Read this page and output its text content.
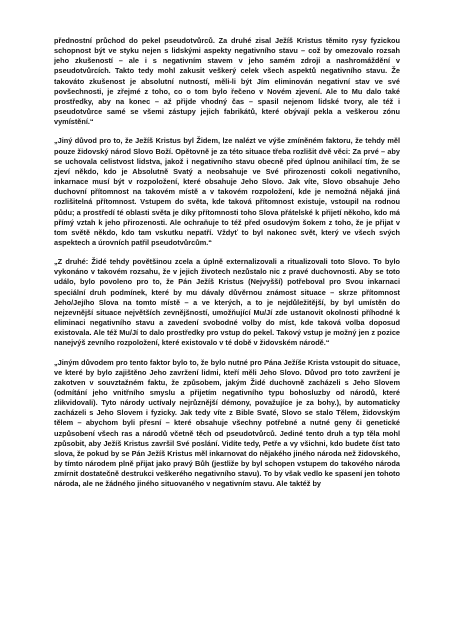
přednostní průchod do pekel pseudotvůrců. Za druhé zisal Ježíš Kristus těmito rysy fyzickou schopnost být ve styku nejen s lidskými aspekty negativního stavu – což by omezovalo rozsah jeho zkušeností – ale i s negativním stavem v jeho samém zdroji a nashromáždění v pseudotvůrcích. Takto tedy mohl zakusit veškerý celek všech aspektů negativního stavu. Že takováto zkušenost je absolutní nutností, měli-li být Jím eliminován negativní stav ve své povšechnosti, je zřejmé z toho, co o tom bylo řečeno v Novém zjevení. Ale to Mu dalo také prostředky, aby na konec – až přijde vhodný čas – spasil nejenom lidské tvory, ale též i pseudotvůrce samé se všemi zástupy jejich fabrikátů, které obývají pekla a veškerou zónu vymístění.“

„Jiný důvod pro to, že Ježíš Kristus byl Židem, lze nalézt ve výše zmíněném faktoru, že tehdy měl pouze židovský národ Slovo Boží. Opětovně je za této situace třeba rozlišit dvě věci: Za prvé – aby se uchovala celistvost lidstva, jakož i negativního stavu obecně před úplnou anihilací tím, že se zjeví někdo, kdo je Absolutně Svatý a neobsahuje ve Své přirozenosti cokoli negativního, inkarnace musí být v rozpoložení, které obsahuje Jeho Slovo. Jak víte, Slovo obsahuje Jeho duchovní přítomnost na takovém místě a v takovém rozpoložení, kde je nemožná nějaká jiná rozlišitelná přítomnost. Vstupem do světa, kde taková přítomnost existuje, vstoupil na rodnou půdu; a prostředí té oblasti světa je díky přítomnosti toho Slova přátelské k přijetí někoho, kdo má přímý vztah k jeho přirozenosti. Ale ochraňuje to též před osudovým šokem z toho, že je přijat v tom světě někdo, kdo tam vskutku nepatří. Vždyť to byl nakonec svět, který ve všech svých aspektech a úrovních patřil pseudotvůrcům.“

„Z druhé: Židé tehdy povětšinou zcela a úplně externalizovali a ritualizovali toto Slovo. To bylo vykonáno v takovém rozsahu, že v jejich životech nezůstalo nic z pravé duchovnosti. Aby se toto událo, bylo povoleno pro to, že Pán Ježíš Kristus (Nejvyšší) potřeboval pro Svou inkarnaci speciální druh podmínek, které by mu dávaly důvěrnou známost situace – skrze přítomnost Jeho/Jejího Slova na tomto místě – a ve kterých, a to je nejdůležitější, by byl umístěn do nejzevnější situace největších zevnějšností, umožňující Mu/Jí zde ustanovit okolnosti příhodné k eliminaci negativního stavu a zavedení svobodné volby do míst, kde taková volba doposud existovala. Ale též Mu/Jí to dalo prostředky pro vstup do pekel. Takový vstup je možný jen z pozice nanejvýš zevního rozpoložení, které existovalo v té době v židovském národě.“

„Jiným důvodem pro tento faktor bylo to, že bylo nutné pro Pána Ježíše Krista vstoupit do situace, ve které by bylo zajištěno Jeho zavržení lidmi, kteří měli Jeho Slovo. Důvod pro toto zavržení je zakotven v souvztažném faktu, že způsobem, jakým Židé duchovně zacházeli s Jeho Slovem (odmítání jeho vnitřního smyslu a přijetím negativního typu bohosluzby od národů, které zlikvidovali). Tyto národy uctívaly nejrůznější démony, považujíce je za bohy.), by automaticky zacházeli s Jeho Slovem i fyzicky. Jak tedy víte z Bible Svaté, Slovo se stalo Tělem, židovským tělem – abychom byli přesní – které obsahuje všechny potřebné a nutné geny či genetické uzpůsobení všech ras a národů včetně těch od pseudotvůrců. Jediné tento druh a typ těla mohl způsobit, aby Ježíš Kristus završil Své poslání. Vidíte tedy, Petře a vy všichni, kdo budete číst tato slova, že pokud by se Pán Ježíš Kristus měl inkarnovat do nějakého jiného národa než židovského, by tímto národem plně přijat jako pravý Bůh (jestliže by byl schopen vstupem do takového národa zmírnit dostatečně destrukci veškerého negativního stavu). To by však vedlo ke spasení jen tohoto národa, ale ne žádného jiného situovaného v negativním stavu. Ale taktéž by
